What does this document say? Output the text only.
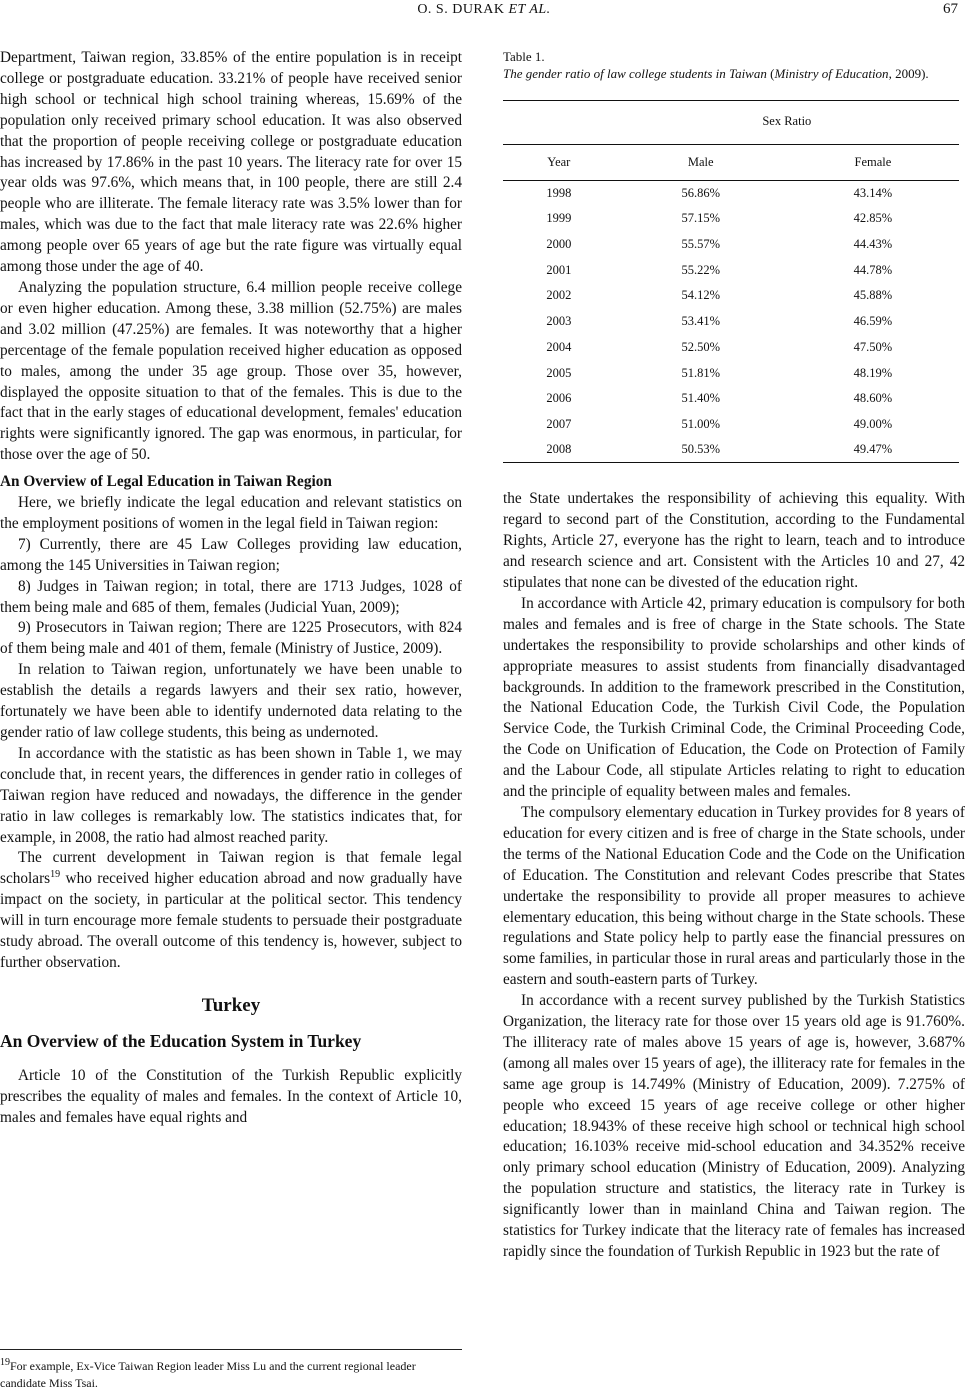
O. S. DURAK ET AL.	67

Department, Taiwan region, 33.85% of the entire population is in receipt college or postgraduate education. 33.21% of people have received senior high school or technical high school training whereas, 15.69% of the population only received primary school education. It was also observed that the proportion of people receiving college or postgraduate education has increased by 17.86% in the past 10 years. The literacy rate for over 15 year olds was 97.6%, which means that, in 100 people, there are still 2.4 people who are illiterate. The female literacy rate was 3.5% lower than for males, which was due to the fact that male literacy rate was 22.6% higher among people over 65 years of age but the rate figure was virtually equal among those under the age of 40.

Analyzing the population structure, 6.4 million people receive college or even higher education. Among these, 3.38 million (52.75%) are males and 3.02 million (47.25%) are females. It was noteworthy that a higher percentage of the female population received higher education as opposed to males, among the under 35 age group. Those over 35, however, displayed the opposite situation to that of the females. This is due to the fact that in the early stages of educational development, females' education rights were significantly ignored. The gap was enormous, in particular, for those over the age of 50.

An Overview of Legal Education in Taiwan Region

Here, we briefly indicate the legal education and relevant statistics on the employment positions of women in the legal field in Taiwan region:

7) Currently, there are 45 Law Colleges providing law education, among the 145 Universities in Taiwan region;

8) Judges in Taiwan region; in total, there are 1713 Judges, 1028 of them being male and 685 of them, females (Judicial Yuan, 2009);

9) Prosecutors in Taiwan region; There are 1225 Prosecutors, with 824 of them being male and 401 of them, female (Ministry of Justice, 2009).

In relation to Taiwan region, unfortunately we have been unable to establish the details a regards lawyers and their sex ratio, however, fortunately we have been able to identify undernoted data relating to the gender ratio of law college students, this being as undernoted.

In accordance with the statistic as has been shown in Table 1, we may conclude that, in recent years, the differences in gender ratio in colleges of Taiwan region have reduced and nowadays, the difference in the gender ratio in law colleges is remarkably low. The statistics indicates that, for example, in 2008, the ratio had almost reached parity.

The current development in Taiwan region is that female legal scholars$^{19}$ who received higher education abroad and now gradually have impact on the society, in particular at the political sector. This tendency will in turn encourage more female students to persuade their postgraduate study abroad. The overall outcome of this tendency is, however, subject to further observation.

Turkey
An Overview of the Education System in Turkey

Article 10 of the Constitution of the Turkish Republic explicitly prescribes the equality of males and females. In the context of Article 10, males and females have equal rights and

$^{19}$For example, Ex-Vice Taiwan Region leader Miss Lu and the current regional leader candidate Miss Tsai.
Table 1.
The gender ratio of law college students in Taiwan (Ministry of Education, 2009).
	Sex Ratio	
Year	Male	Female
1998	56.86%	43.14%
1999	57.15%	42.85%
2000	55.57%	44.43%
2001	55.22%	44.78%
2002	54.12%	45.88%
2003	53.41%	46.59%
2004	52.50%	47.50%
2005	51.81%	48.19%
2006	51.40%	48.60%
2007	51.00%	49.00%
2008	50.53%	49.47%

the State undertakes the responsibility of achieving this equality. With regard to second part of the Constitution, according to the Fundamental Rights, Article 27, everyone has the right to learn, teach and to introduce and research science and art. Consistent with the Articles 10 and 27, 42 stipulates that none can be divested of the education right.

In accordance with Article 42, primary education is compulsory for both males and females and is free of charge in the State schools. The State undertakes the responsibility to provide scholarships and other kinds of appropriate measures to assist students from financially disadvantaged backgrounds. In addition to the framework prescribed in the Constitution, the National Education Code, the Turkish Civil Code, the Population Service Code, the Turkish Criminal Code, the Criminal Proceeding Code, the Code on Unification of Education, the Code on Protection of Family and the Labour Code, all stipulate Articles relating to right to education and the principle of equality between males and females.

The compulsory elementary education in Turkey provides for 8 years of education for every citizen and is free of charge in the State schools, under the terms of the National Education Code and the Code on the Unification of Education. The Constitution and relevant Codes prescribe that States undertake the responsibility to provide all proper measures to achieve elementary education, this being without charge in the State schools. These regulations and State policy help to partly ease the financial pressures on some families, in particular those in rural areas and particularly those in the eastern and south-eastern parts of Turkey.

In accordance with a recent survey published by the Turkish Statistics Organization, the literacy rate for those over 15 years old age is 91.760%. The illiteracy rate of males above 15 years of age is, however, 3.687% (among all males over 15 years of age), the illiteracy rate for females in the same age group is 14.749% (Ministry of Education, 2009). 7.275% of people who exceed 15 years of age receive college or other higher education; 18.943% of these receive high school or technical high school education; 16.103% receive mid-school education and 34.352% receive only primary school education (Ministry of Education, 2009). Analyzing the population structure and statistics, the literacy rate in Turkey is significantly lower than in mainland China and Taiwan region. The statistics for Turkey indicate that the literacy rate of females has increased rapidly since the foundation of Turkish Republic in 1923 but the rate of
